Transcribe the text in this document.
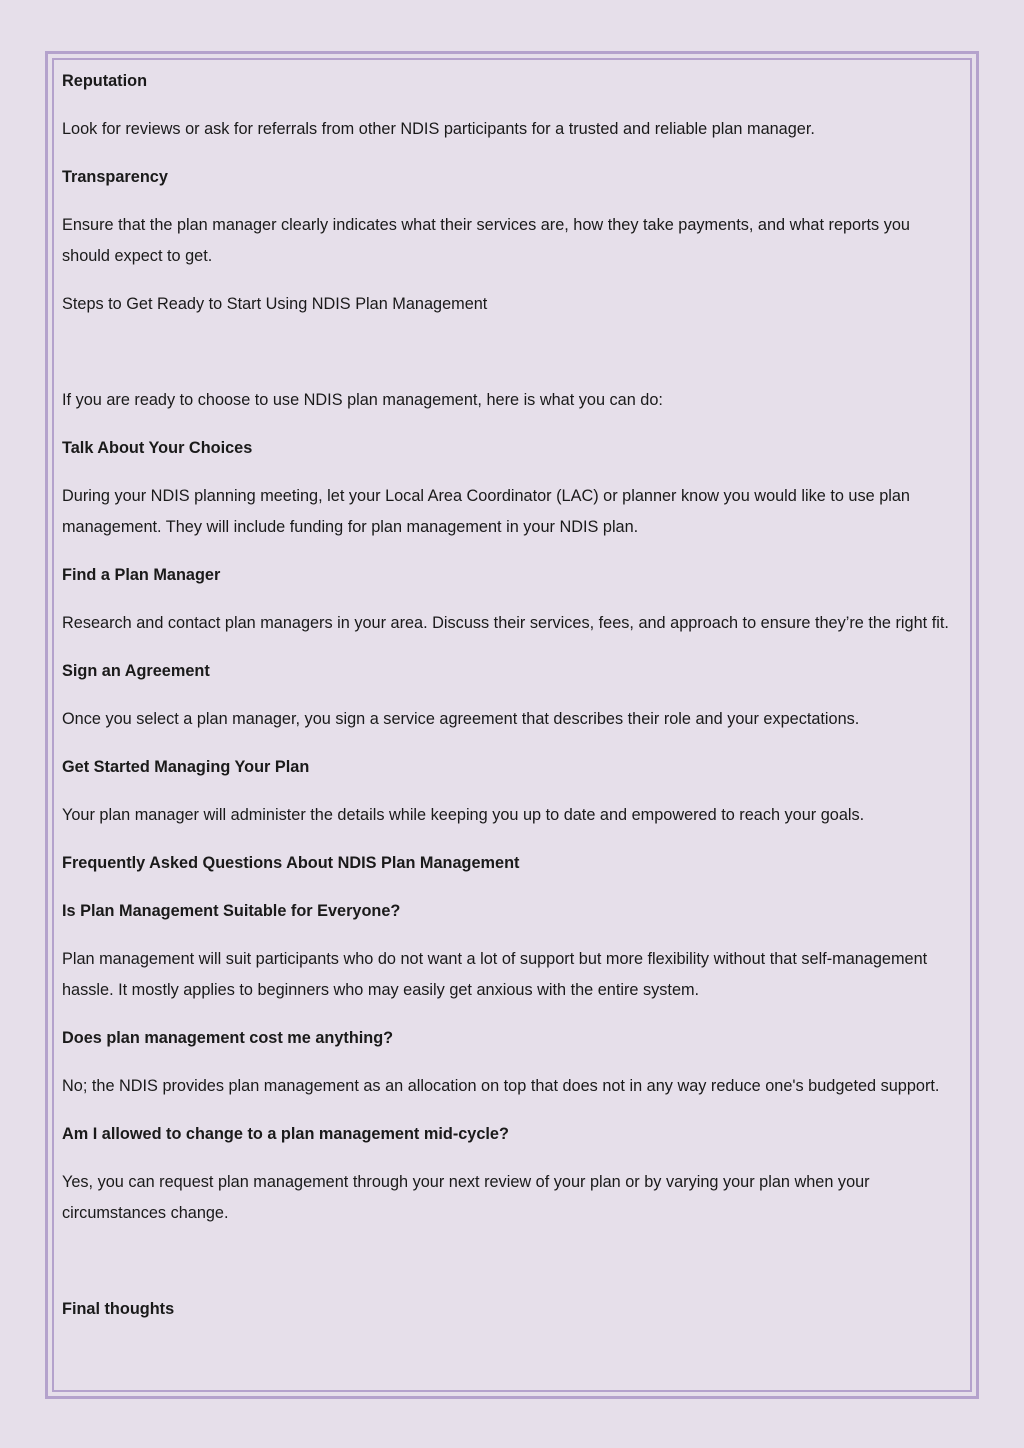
Reputation

Look for reviews or ask for referrals from other NDIS participants for a trusted and reliable plan manager.

Transparency

Ensure that the plan manager clearly indicates what their services are, how they take payments, and what reports you should expect to get.

Steps to Get Ready to Start Using NDIS Plan Management

If you are ready to choose to use NDIS plan management, here is what you can do:

Talk About Your Choices

During your NDIS planning meeting, let your Local Area Coordinator (LAC) or planner know you would like to use plan management. They will include funding for plan management in your NDIS plan.

Find a Plan Manager

Research and contact plan managers in your area. Discuss their services, fees, and approach to ensure they’re the right fit.

Sign an Agreement

Once you select a plan manager, you sign a service agreement that describes their role and your expectations.

Get Started Managing Your Plan

Your plan manager will administer the details while keeping you up to date and empowered to reach your goals.

Frequently Asked Questions About NDIS Plan Management

Is Plan Management Suitable for Everyone?

Plan management will suit participants who do not want a lot of support but more flexibility without that self-management hassle. It mostly applies to beginners who may easily get anxious with the entire system.

Does plan management cost me anything?

No; the NDIS provides plan management as an allocation on top that does not in any way reduce one's budgeted support.

Am I allowed to change to a plan management mid-cycle?

Yes, you can request plan management through your next review of your plan or by varying your plan when your circumstances change.

Final thoughts
